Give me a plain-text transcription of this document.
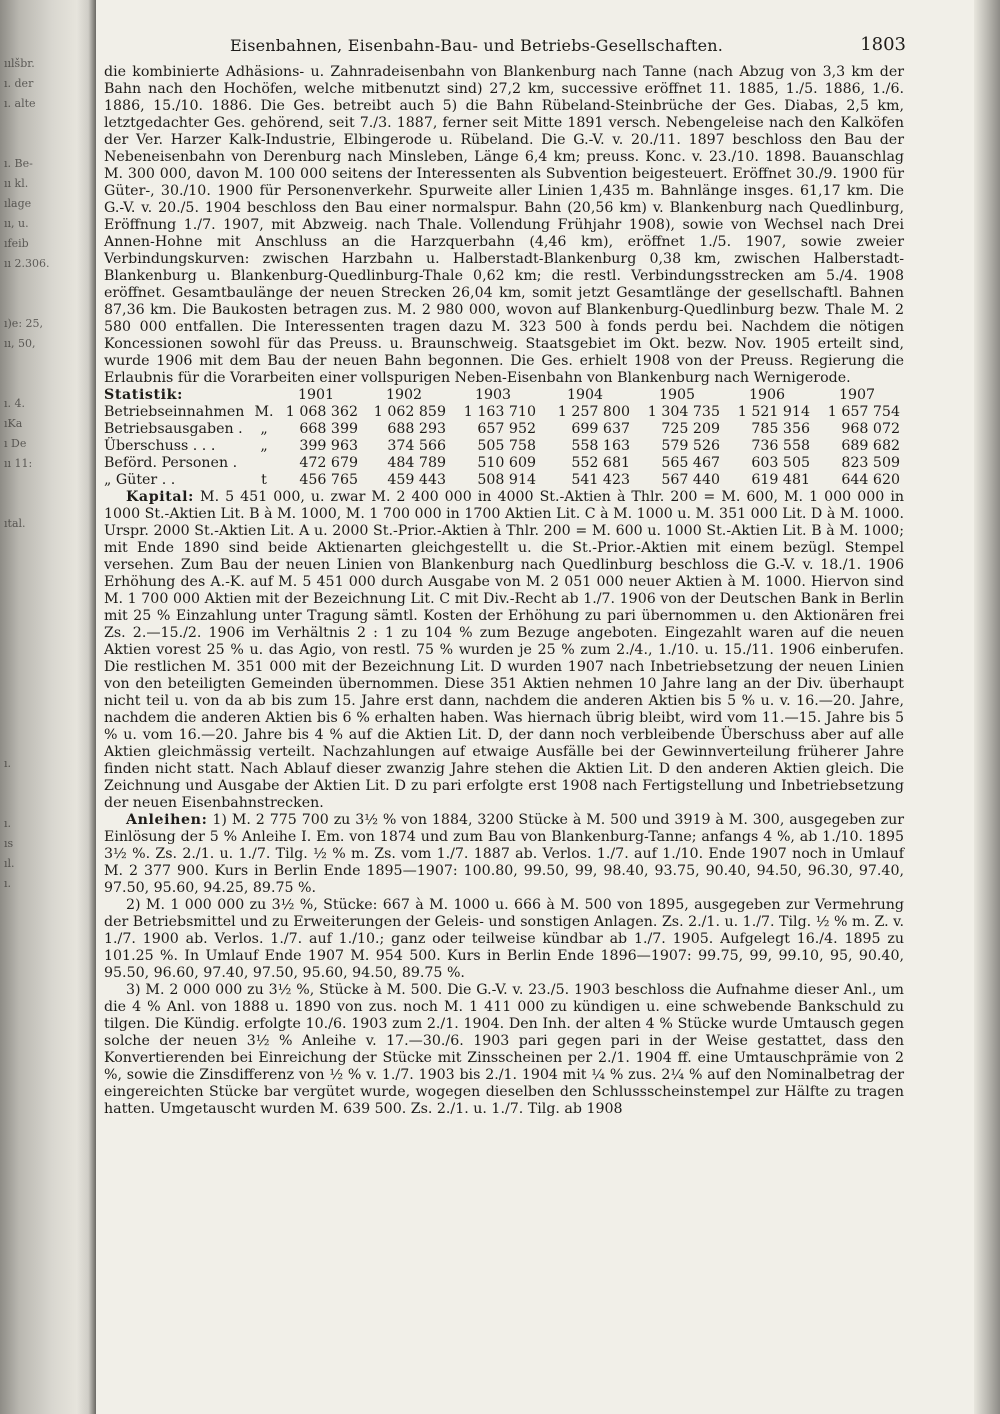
ıılšbr.
ı. der
ı. alte
ı. Be-
ıı kl.
ılage
ıı, u.
ıfeib
ıı 2.306.
ı)e: 25,
ıı, 50,
ı. 4.
ıKa
ı De
ıı 11:
ıtal.
ı.
ı.
ıs
ıl.
ı.
Eisenbahnen, Eisenbahn-Bau- und Betriebs-Gesellschaften.	1803

die kombinierte Adhäsions- u. Zahnradeisenbahn von Blankenburg nach Tanne (nach Abzug von 3,3 km der Bahn nach den Hochöfen, welche mitbenutzt sind) 27,2 km, successive eröffnet 11. 1885, 1./5. 1886, 1./6. 1886, 15./10. 1886. Die Ges. betreibt auch 5) die Bahn Rübeland-Steinbrüche der Ges. Diabas, 2,5 km, letztgedachter Ges. gehörend, seit 7./3. 1887, ferner seit Mitte 1891 versch. Nebengeleise nach den Kalköfen der Ver. Harzer Kalk-Industrie, Elbingerode u. Rübeland. Die G.-V. v. 20./11. 1897 beschloss den Bau der Nebeneisenbahn von Derenburg nach Minsleben, Länge 6,4 km; preuss. Konc. v. 23./10. 1898. Bauanschlag M. 300 000, davon M. 100 000 seitens der Interessenten als Subvention beigesteuert. Eröffnet 30./9. 1900 für Güter-, 30./10. 1900 für Personenverkehr. Spurweite aller Linien 1,435 m. Bahnlänge insges. 61,17 km. Die G.-V. v. 20./5. 1904 beschloss den Bau einer normalspur. Bahn (20,56 km) v. Blankenburg nach Quedlinburg, Eröffnung 1./7. 1907, mit Abzweig. nach Thale. Vollendung Frühjahr 1908), sowie von Wechsel nach Drei Annen-Hohne mit Anschluss an die Harzquerbahn (4,46 km), eröffnet 1./5. 1907, sowie zweier Verbindungskurven: zwischen Harzbahn u. Halberstadt-Blankenburg 0,38 km, zwischen Halberstadt-Blankenburg u. Blankenburg-Quedlinburg-Thale 0,62 km; die restl. Verbindungsstrecken am 5./4. 1908 eröffnet. Gesamtbaulänge der neuen Strecken 26,04 km, somit jetzt Gesamtlänge der gesellschaftl. Bahnen 87,36 km. Die Baukosten betragen zus. M. 2 980 000, wovon auf Blankenburg-Quedlinburg bezw. Thale M. 2 580 000 entfallen. Die Interessenten tragen dazu M. 323 500 à fonds perdu bei. Nachdem die nötigen Koncessionen sowohl für das Preuss. u. Braunschweig. Staatsgebiet im Okt. bezw. Nov. 1905 erteilt sind, wurde 1906 mit dem Bau der neuen Bahn begonnen. Die Ges. erhielt 1908 von der Preuss. Regierung die Erlaubnis für die Vorarbeiten einer vollspurigen Neben-Eisenbahn von Blankenburg nach Wernigerode.

Statistik:		1901	1902	1903	1904	1905	1906	1907
Betriebseinnahmen	M.	1 068 362	1 062 859	1 163 710	1 257 800	1 304 735	1 521 914	1 657 754
Betriebsausgaben .	„	668 399	688 293	657 952	699 637	725 209	785 356	968 072
Überschuss . . .	„	399 963	374 566	505 758	558 163	579 526	736 558	689 682
Beförd. Personen .		472 679	484 789	510 609	552 681	565 467	603 505	823 509
„ Güter . .	t	456 765	459 443	508 914	541 423	567 440	619 481	644 620

Kapital: M. 5 451 000, u. zwar M. 2 400 000 in 4000 St.-Aktien à Thlr. 200 = M. 600, M. 1 000 000 in 1000 St.-Aktien Lit. B à M. 1000, M. 1 700 000 in 1700 Aktien Lit. C à M. 1000 u. M. 351 000 Lit. D à M. 1000. Urspr. 2000 St.-Aktien Lit. A u. 2000 St.-Prior.-Aktien à Thlr. 200 = M. 600 u. 1000 St.-Aktien Lit. B à M. 1000; mit Ende 1890 sind beide Aktienarten gleichgestellt u. die St.-Prior.-Aktien mit einem bezügl. Stempel versehen. Zum Bau der neuen Linien von Blankenburg nach Quedlinburg beschloss die G.-V. v. 18./1. 1906 Erhöhung des A.-K. auf M. 5 451 000 durch Ausgabe von M. 2 051 000 neuer Aktien à M. 1000. Hiervon sind M. 1 700 000 Aktien mit der Bezeichnung Lit. C mit Div.-Recht ab 1./7. 1906 von der Deutschen Bank in Berlin mit 25 % Einzahlung unter Tragung sämtl. Kosten der Erhöhung zu pari übernommen u. den Aktionären frei Zs. 2.—15./2. 1906 im Verhältnis 2 : 1 zu 104 % zum Bezuge angeboten. Eingezahlt waren auf die neuen Aktien vorest 25 % u. das Agio, von restl. 75 % wurden je 25 % zum 2./4., 1./10. u. 15./11. 1906 einberufen. Die restlichen M. 351 000 mit der Bezeichnung Lit. D wurden 1907 nach Inbetriebsetzung der neuen Linien von den beteiligten Gemeinden übernommen. Diese 351 Aktien nehmen 10 Jahre lang an der Div. überhaupt nicht teil u. von da ab bis zum 15. Jahre erst dann, nachdem die anderen Aktien bis 5 % u. v. 16.—20. Jahre, nachdem die anderen Aktien bis 6 % erhalten haben. Was hiernach übrig bleibt, wird vom 11.—15. Jahre bis 5 % u. vom 16.—20. Jahre bis 4 % auf die Aktien Lit. D, der dann noch verbleibende Überschuss aber auf alle Aktien gleichmässig verteilt. Nachzahlungen auf etwaige Ausfälle bei der Gewinnverteilung früherer Jahre finden nicht statt. Nach Ablauf dieser zwanzig Jahre stehen die Aktien Lit. D den anderen Aktien gleich. Die Zeichnung und Ausgabe der Aktien Lit. D zu pari erfolgte erst 1908 nach Fertigstellung und Inbetriebsetzung der neuen Eisenbahnstrecken.

Anleihen: 1) M. 2 775 700 zu 3½ % von 1884, 3200 Stücke à M. 500 und 3919 à M. 300, ausgegeben zur Einlösung der 5 % Anleihe I. Em. von 1874 und zum Bau von Blankenburg-Tanne; anfangs 4 %, ab 1./10. 1895 3½ %. Zs. 2./1. u. 1./7. Tilg. ½ % m. Zs. vom 1./7. 1887 ab. Verlos. 1./7. auf 1./10. Ende 1907 noch in Umlauf M. 2 377 900. Kurs in Berlin Ende 1895—1907: 100.80, 99.50, 99, 98.40, 93.75, 90.40, 94.50, 96.30, 97.40, 97.50, 95.60, 94.25, 89.75 %.

2) M. 1 000 000 zu 3½ %, Stücke: 667 à M. 1000 u. 666 à M. 500 von 1895, ausgegeben zur Vermehrung der Betriebsmittel und zu Erweiterungen der Geleis- und sonstigen Anlagen. Zs. 2./1. u. 1./7. Tilg. ½ % m. Z. v. 1./7. 1900 ab. Verlos. 1./7. auf 1./10.; ganz oder teilweise kündbar ab 1./7. 1905. Aufgelegt 16./4. 1895 zu 101.25 %. In Umlauf Ende 1907 M. 954 500. Kurs in Berlin Ende 1896—1907: 99.75, 99, 99.10, 95, 90.40, 95.50, 96.60, 97.40, 97.50, 95.60, 94.50, 89.75 %.

3) M. 2 000 000 zu 3½ %, Stücke à M. 500. Die G.-V. v. 23./5. 1903 beschloss die Aufnahme dieser Anl., um die 4 % Anl. von 1888 u. 1890 von zus. noch M. 1 411 000 zu kündigen u. eine schwebende Bankschuld zu tilgen. Die Kündig. erfolgte 10./6. 1903 zum 2./1. 1904. Den Inh. der alten 4 % Stücke wurde Umtausch gegen solche der neuen 3½ % Anleihe v. 17.—30./6. 1903 pari gegen pari in der Weise gestattet, dass den Konvertierenden bei Einreichung der Stücke mit Zinsscheinen per 2./1. 1904 ff. eine Umtauschprämie von 2 %, sowie die Zinsdifferenz von ½ % v. 1./7. 1903 bis 2./1. 1904 mit ¼ % zus. 2¼ % auf den Nominalbetrag der eingereichten Stücke bar vergütet wurde, wogegen dieselben den Schlussscheinstempel zur Hälfte zu tragen hatten. Umgetauscht wurden M. 639 500. Zs. 2./1. u. 1./7. Tilg. ab 1908
